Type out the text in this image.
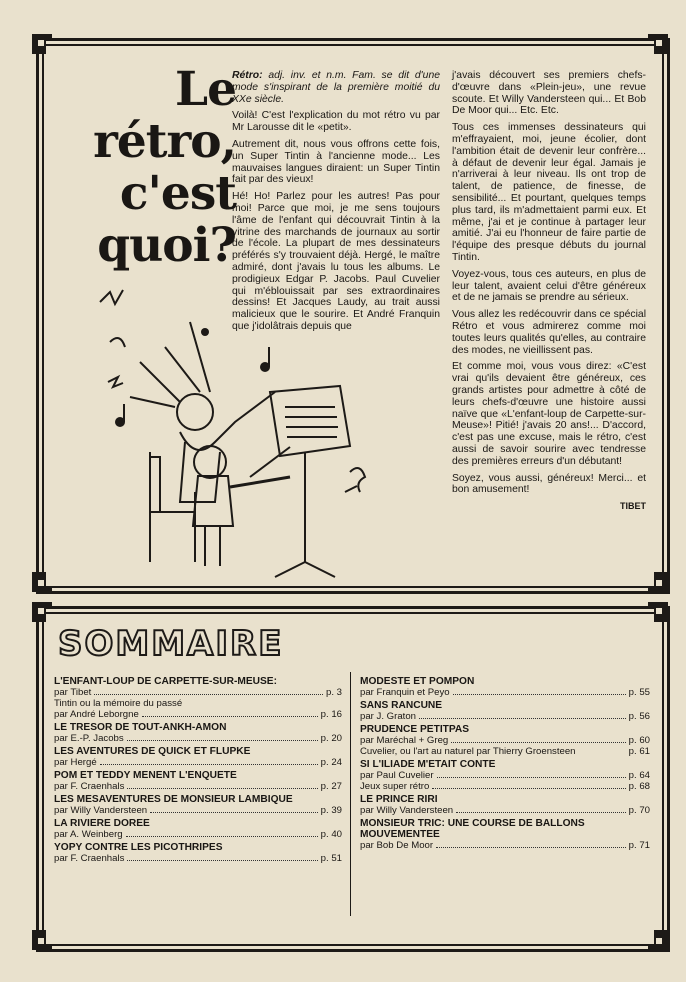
Le
rétro,
c'est
quoi?

Rétro: adj. inv. et n.m. Fam. se dit d'une mode s'inspirant de la première moitié du XXe siècle.

Voilà! C'est l'explication du mot rétro vu par Mr Larousse dit le «petit».

Autrement dit, nous vous offrons cette fois, un Super Tintin à l'ancienne mode... Les mauvaises langues diraient: un Super Tintin fait par des vieux!

Hé! Ho! Parlez pour les autres! Pas pour moi! Parce que moi, je me sens toujours l'âme de l'enfant qui découvrait Tintin à la vitrine des marchands de journaux au sortir de l'école. La plupart de mes dessinateurs préférés s'y trouvaient déjà. Hergé, le maître admiré, dont j'avais lu tous les albums. Le prodigieux Edgar P. Jacobs. Paul Cuvelier qui m'éblouissait par ses extraordinaires dessins! Et Jacques Laudy, au trait aussi malicieux que le sourire. Et André Franquin que j'idolâtrais depuis que

j'avais découvert ses premiers chefs-d'œuvre dans «Plein-jeu», une revue scoute. Et Willy Vandersteen qui... Et Bob De Moor qui... Etc. Etc.

Tous ces immenses dessinateurs qui m'effrayaient, moi, jeune écolier, dont l'ambition était de devenir leur confrère... à défaut de devenir leur égal. Jamais je n'arriverai à leur niveau. Ils ont trop de talent, de patience, de finesse, de sensibilité... Et pourtant, quelques temps plus tard, ils m'admettaient parmi eux. Et même, j'ai et je continue à partager leur amitié. J'ai eu l'honneur de faire partie de l'équipe des presque débuts du journal Tintin.

Voyez-vous, tous ces auteurs, en plus de leur talent, avaient celui d'être généreux et de ne jamais se prendre au sérieux.

Vous allez les redécouvrir dans ce spécial Rétro et vous admirerez comme moi toutes leurs qualités qu'elles, au contraire des modes, ne vieillissent pas.

Et comme moi, vous vous direz: «C'est vrai qu'ils devaient être généreux, ces grands artistes pour admettre à côté de leurs chefs-d'œuvre une histoire aussi naïve que «L'enfant-loup de Carpette-sur-Meuse»! Pitié! j'avais 20 ans!... D'accord, c'est pas une excuse, mais le rétro, c'est aussi de savoir sourire avec tendresse des premières erreurs d'un débutant!

Soyez, vous aussi, généreux! Merci... et bon amusement!

TIBET
SOMMAIRE
L'ENFANT-LOUP DE CARPETTE-SUR-MEUSE:
par Tibet	p. 3
Tintin ou la mémoire du passé
par André Leborgne	p. 16
LE TRESOR DE TOUT-ANKH-AMON
par E.-P. Jacobs	p. 20
LES AVENTURES DE QUICK ET FLUPKE
par Hergé	p. 24
POM ET TEDDY MENENT L'ENQUETE
par F. Craenhals	p. 27
LES MESAVENTURES DE MONSIEUR LAMBIQUE
par Willy Vandersteen	p. 39
LA RIVIERE DOREE
par A. Weinberg	p. 40
YOPY CONTRE LES PICOTHRIPES
par F. Craenhals	p. 51
MODESTE ET POMPON
par Franquin et Peyo	p. 55
SANS RANCUNE
par J. Graton	p. 56
PRUDENCE PETITPAS
par Maréchal + Greg	p. 60
Cuvelier, ou l'art au naturel par Thierry Groensteen	p. 61
SI L'ILIADE M'ETAIT CONTE
par Paul Cuvelier	p. 64
Jeux super rétro	p. 68
LE PRINCE RIRI
par Willy Vandersteen	p. 70
MONSIEUR TRIC: UNE COURSE DE BALLONS MOUVEMENTEE
par Bob De Moor	p. 71
